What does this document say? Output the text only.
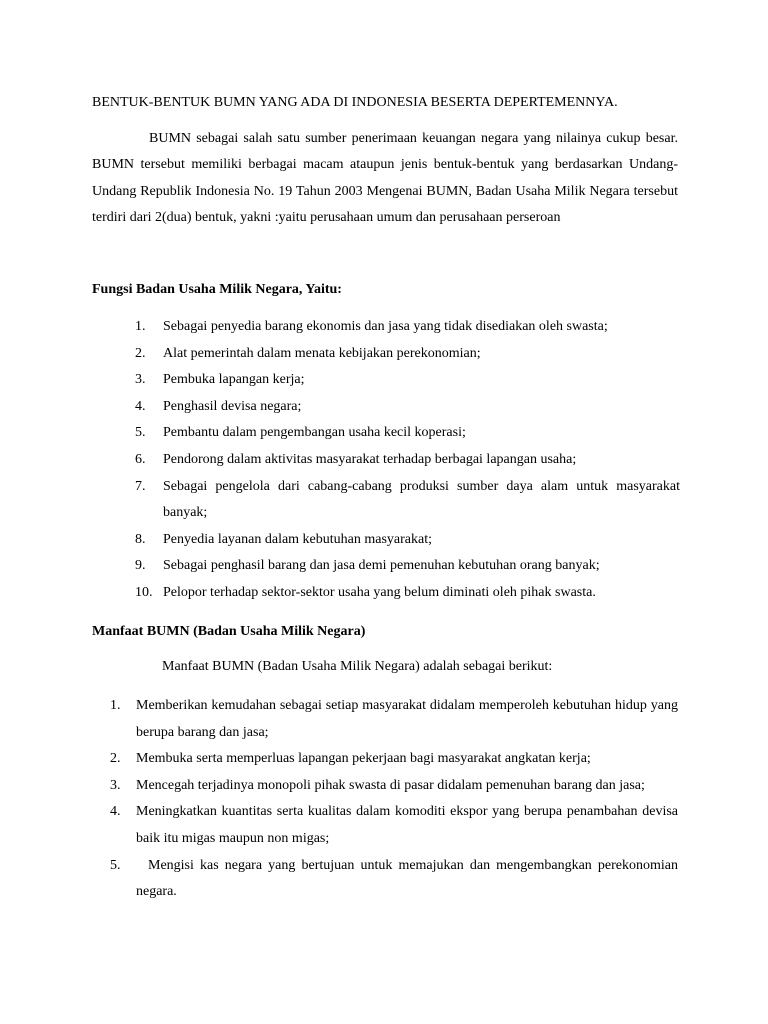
BENTUK-BENTUK BUMN YANG ADA DI INDONESIA BESERTA DEPERTEMENNYA.

BUMN sebagai salah satu sumber penerimaan keuangan negara yang nilainya cukup besar. BUMN tersebut memiliki berbagai macam ataupun jenis bentuk-bentuk yang berdasarkan Undang-Undang Republik Indonesia No. 19 Tahun 2003 Mengenai BUMN, Badan Usaha Milik Negara tersebut terdiri dari 2(dua) bentuk, yakni :yaitu perusahaan umum dan perusahaan perseroan

Fungsi Badan Usaha Milik Negara, Yaitu:
1. Sebagai penyedia barang ekonomis dan jasa yang tidak disediakan oleh swasta;
2. Alat pemerintah dalam menata kebijakan perekonomian;
3. Pembuka lapangan kerja;
4. Penghasil devisa negara;
5. Pembantu dalam pengembangan usaha kecil koperasi;
6. Pendorong dalam aktivitas masyarakat terhadap berbagai lapangan usaha;
7. Sebagai pengelola dari cabang-cabang produksi sumber daya alam untuk masyarakat banyak;
8. Penyedia layanan dalam kebutuhan masyarakat;
9. Sebagai penghasil barang dan jasa demi pemenuhan kebutuhan orang banyak;
10. Pelopor terhadap sektor-sektor usaha yang belum diminati oleh pihak swasta.
Manfaat BUMN (Badan Usaha Milik Negara)
Manfaat BUMN (Badan Usaha Milik Negara) adalah sebagai berikut:
1. Memberikan kemudahan sebagai setiap masyarakat didalam memperoleh kebutuhan hidup yang berupa barang dan jasa;
2. Membuka serta memperluas lapangan pekerjaan bagi masyarakat angkatan kerja;
3. Mencegah terjadinya monopoli pihak swasta di pasar didalam pemenuhan barang dan jasa;
4. Meningkatkan kuantitas serta kualitas dalam komoditi ekspor yang berupa penambahan devisa baik itu migas maupun non migas;
5.	Mengisi kas negara yang bertujuan untuk memajukan dan mengembangkan perekonomian negara.
